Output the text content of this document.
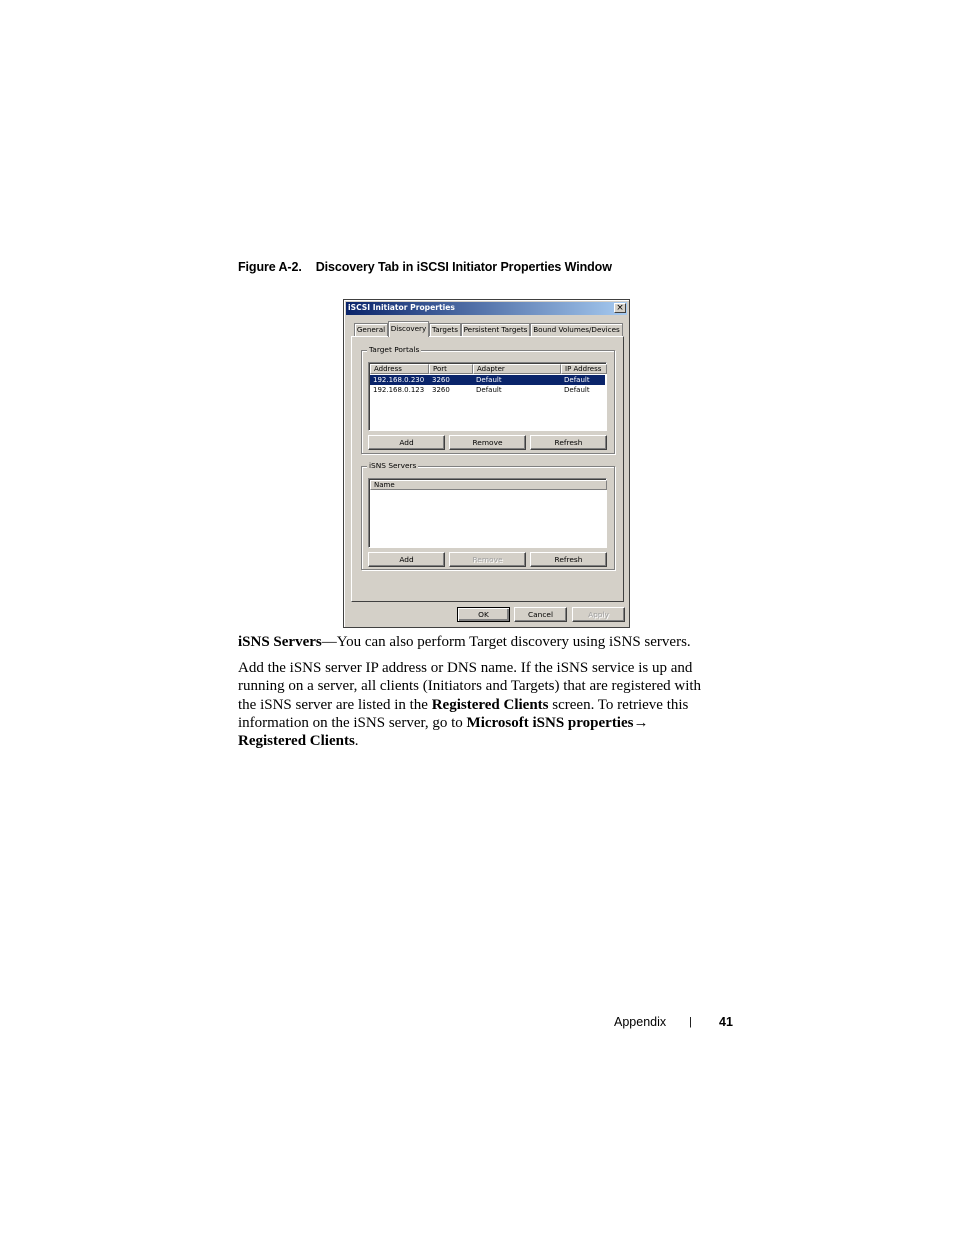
Figure A-2. Discovery Tab in iSCSI Initiator Properties Window
iSCSI Initiator Properties	×
General Discovery Targets Persistent Targets Bound Volumes/Devices
Target Portals
Address	Port	Adapter	IP Address
192.168.0.230 3260	Default	Default
192.168.0.123 3260	Default	Default
Add	Remove	Refresh
iSNS Servers
Name
Add	Remove	Refresh
OK	Cancel	Apply
iSNS Servers—You can also perform Target discovery using iSNS servers.
Add the iSNS server IP address or DNS name. If the iSNS service is up and
running on a server, all clients (Initiators and Targets) that are registered with
the iSNS server are listed in the Registered Clients screen. To retrieve this
information on the iSNS server, go to Microsoft iSNS properties→
Registered Clients.
Appendix | 41
